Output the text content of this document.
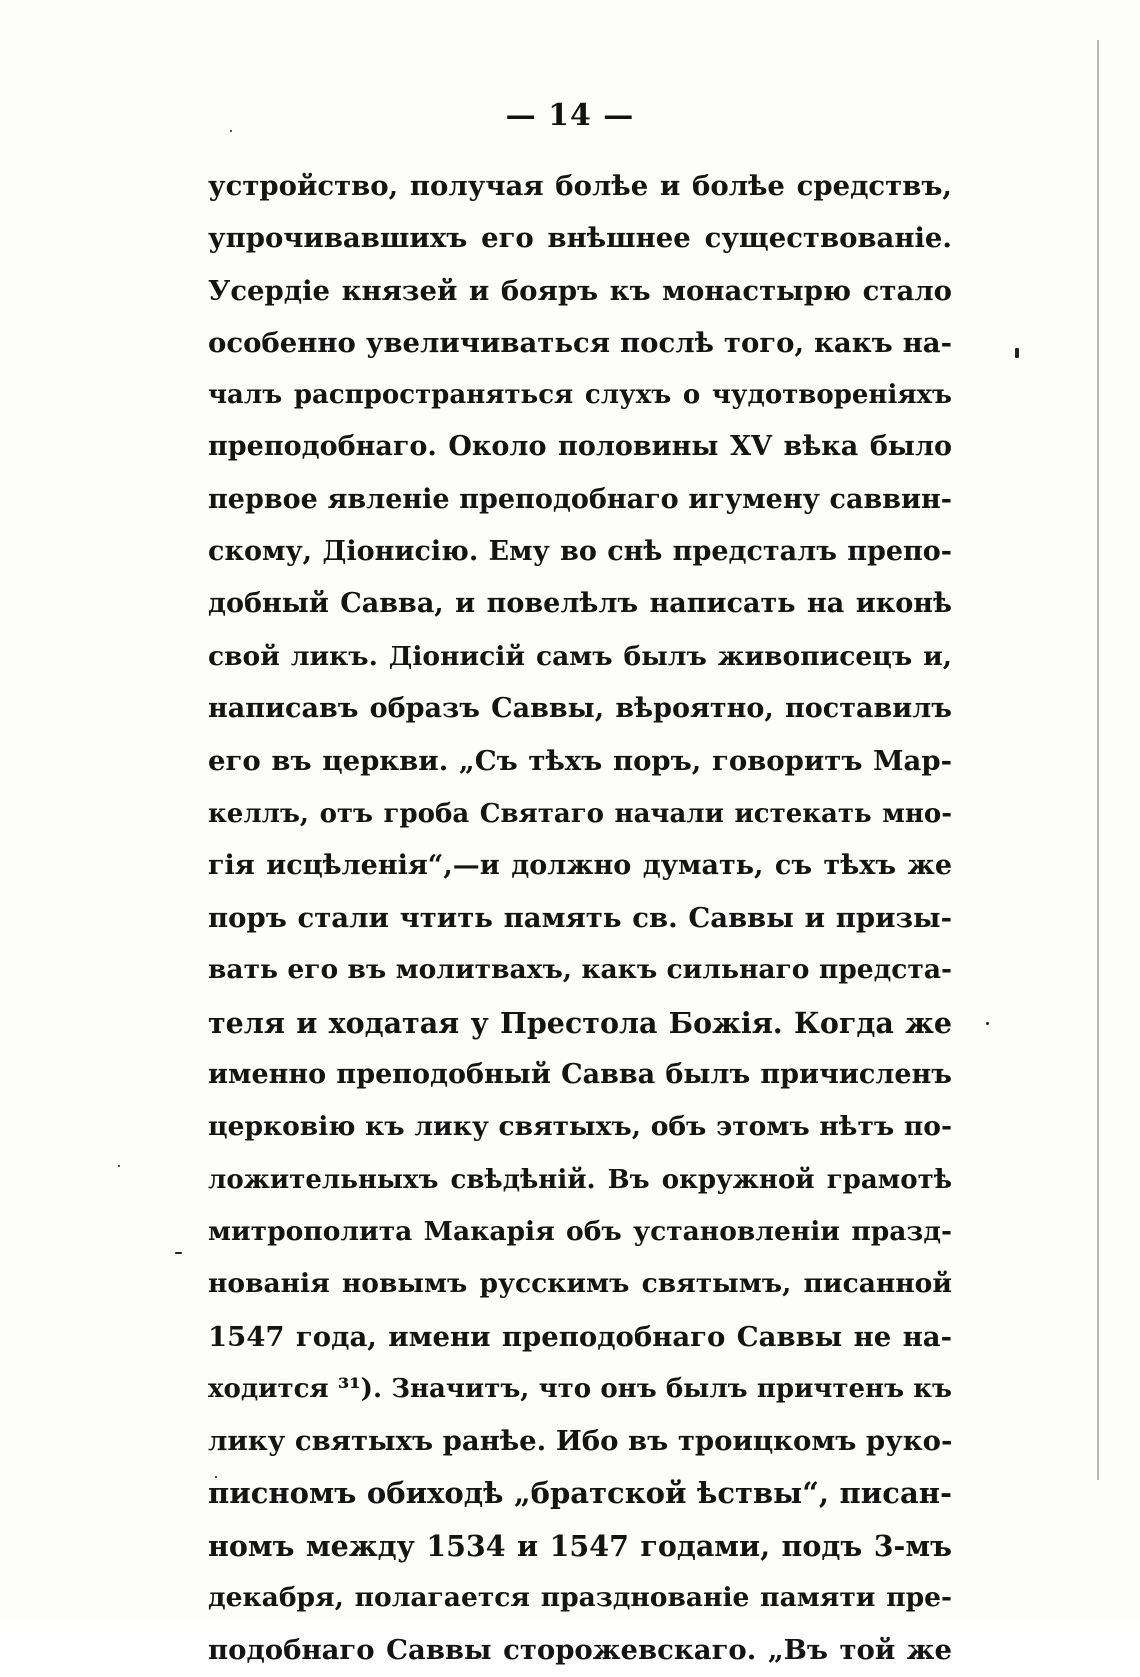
— 14 —
устройство, получая болѣе и болѣе средствъ,
упрочивавшихъ его внѣшнее существованіе.
Усердіе князей и бояръ къ монастырю стало
особенно увеличиваться послѣ того, какъ на-
чалъ распространяться слухъ о чудотвореніяхъ
преподобнаго. Около половины XV вѣка было
первое явленіе преподобнаго игумену саввин-
скому, Діонисію. Ему во снѣ предсталъ препо-
добный Савва, и повелѣлъ написать на иконѣ
свой ликъ. Діонисій самъ былъ живописецъ и,
написавъ образъ Саввы, вѣроятно, поставилъ
его въ церкви. „Съ тѣхъ поръ, говоритъ Мар-
келлъ, отъ гроба Святаго начали истекать мно-
гія исцѣленія“,—и должно думать, съ тѣхъ же
поръ стали чтить память св. Саввы и призы-
вать его въ молитвахъ, какъ сильнаго предста-
теля и ходатая у Престола Божія. Когда же
именно преподобный Савва былъ причисленъ
церковію къ лику святыхъ, объ этомъ нѣтъ по-
ложительныхъ свѣдѣній. Въ окружной грамотѣ
митрополита Макарія объ установленіи празд-
нованія новымъ русскимъ святымъ, писанной
1547 года, имени преподобнаго Саввы не на-
ходится ³¹). Значитъ, что онъ былъ причтенъ къ
лику святыхъ ранѣе. Ибо въ троицкомъ руко-
писномъ обиходѣ „братской ѣствы“, писан-
номъ между 1534 и 1547 годами, подъ 3-мъ
декабря, полагается празднованіе памяти пре-
подобнаго Саввы сторожевскаго. „Въ той же
